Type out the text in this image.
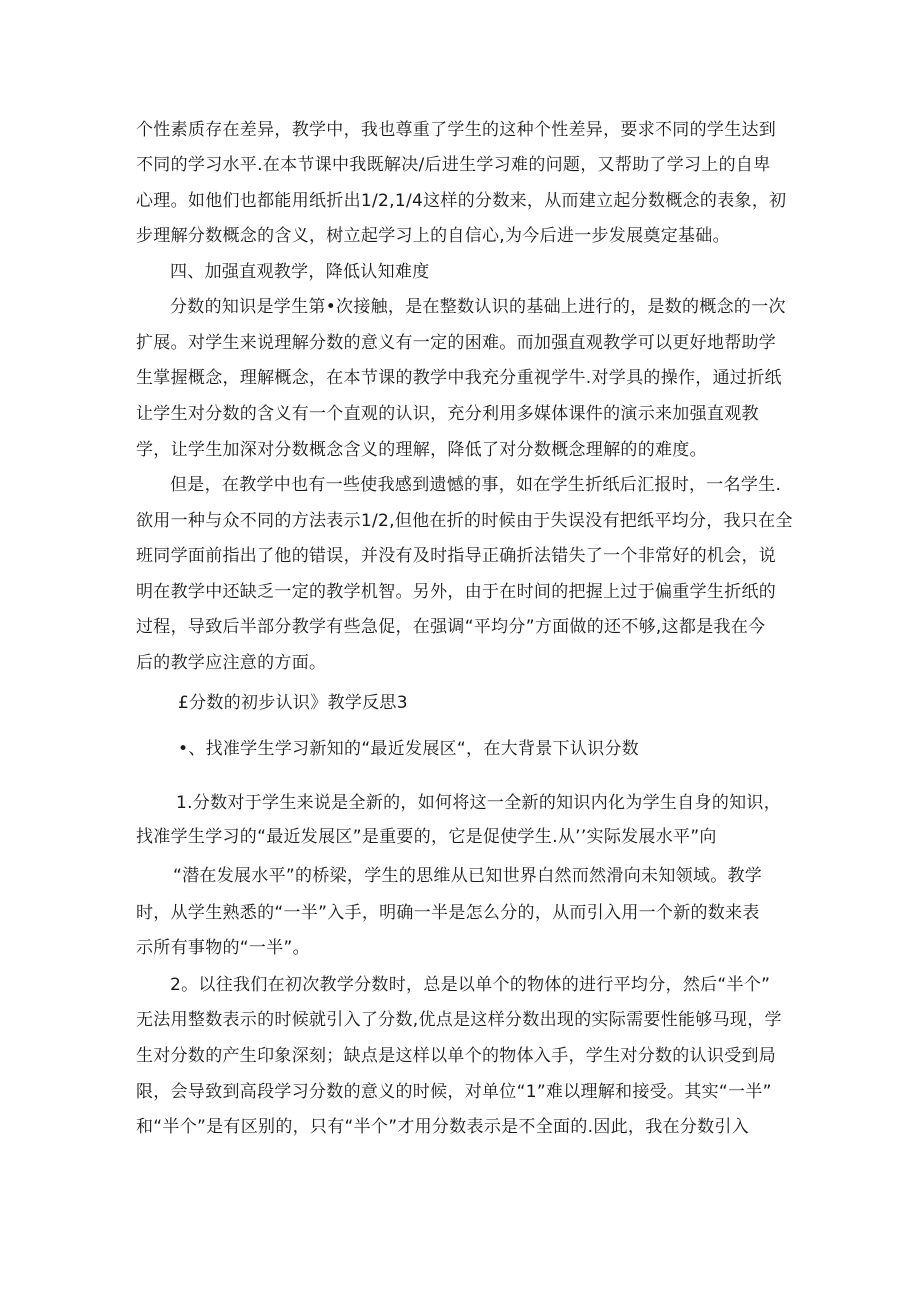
个性素质存在差异，教学中，我也尊重了学生的这种个性差异，要求不同的学生达到
不同的学习水平.在本节课中我既解决/后进生学习难的问题，又帮助了学习上的自卑
心理。如他们也都能用纸折出1/2,1/4这样的分数来，从而建立起分数概念的表象，初
步理解分数概念的含义，树立起学习上的自信心,为今后进一步发展奠定基础。
四、加强直观教学，降低认知难度
分数的知识是学生第•次接触，是在整数认识的基础上进行的，是数的概念的一次
扩展。对学生来说理解分数的意义有一定的困难。而加强直观教学可以更好地帮助学
生掌握概念，理解概念，在本节课的教学中我充分重视学牛.对学具的操作，通过折纸
让学生对分数的含义有一个直观的认识，充分利用多媒体课件的演示来加强直观教
学，让学生加深对分数概念含义的理解，降低了对分数概念理解的的难度。
但是，在教学中也有一些使我感到遗憾的事，如在学生折纸后汇报时，一名学生.
欲用一种与众不同的方法表示1/2,但他在折的时候由于失误没有把纸平均分，我只在全
班同学面前指出了他的错误，并没有及时指导正确折法错失了一个非常好的机会，说
明在教学中还缺乏一定的教学机智。另外，由于在时间的把握上过于偏重学生折纸的
过程，导致后半部分教学有些急促，在强调“平均分”方面做的还不够,这都是我在今
后的教学应注意的方面。
£分数的初步认识》教学反思3
•、找准学生学习新知的“最近发展区“，在大背景下认识分数
1.分数对于学生来说是全新的，如何将这一全新的知识内化为学生自身的知识，
找准学生学习的“最近发展区”是重要的，它是促使学生.从’’实际发展水平”向
“潜在发展水平”的桥梁，学生的思维从已知世界白然而然滑向未知领域。教学
时，从学生熟悉的“一半”入手，明确一半是怎么分的，从而引入用一个新的数来表
示所有事物的“一半”。
2。以往我们在初次教学分数时，总是以单个的物体的进行平均分，然后“半个”
无法用整数表示的时候就引入了分数,优点是这样分数出现的实际需要性能够马现，学
生对分数的产生印象深刻；缺点是这样以单个的物体入手，学生对分数的认识受到局
限，会导致到高段学习分数的意义的时候，对单位“1”难以理解和接受。其实“一半”
和“半个”是有区别的，只有“半个”才用分数表示是不全面的.因此，我在分数引入
